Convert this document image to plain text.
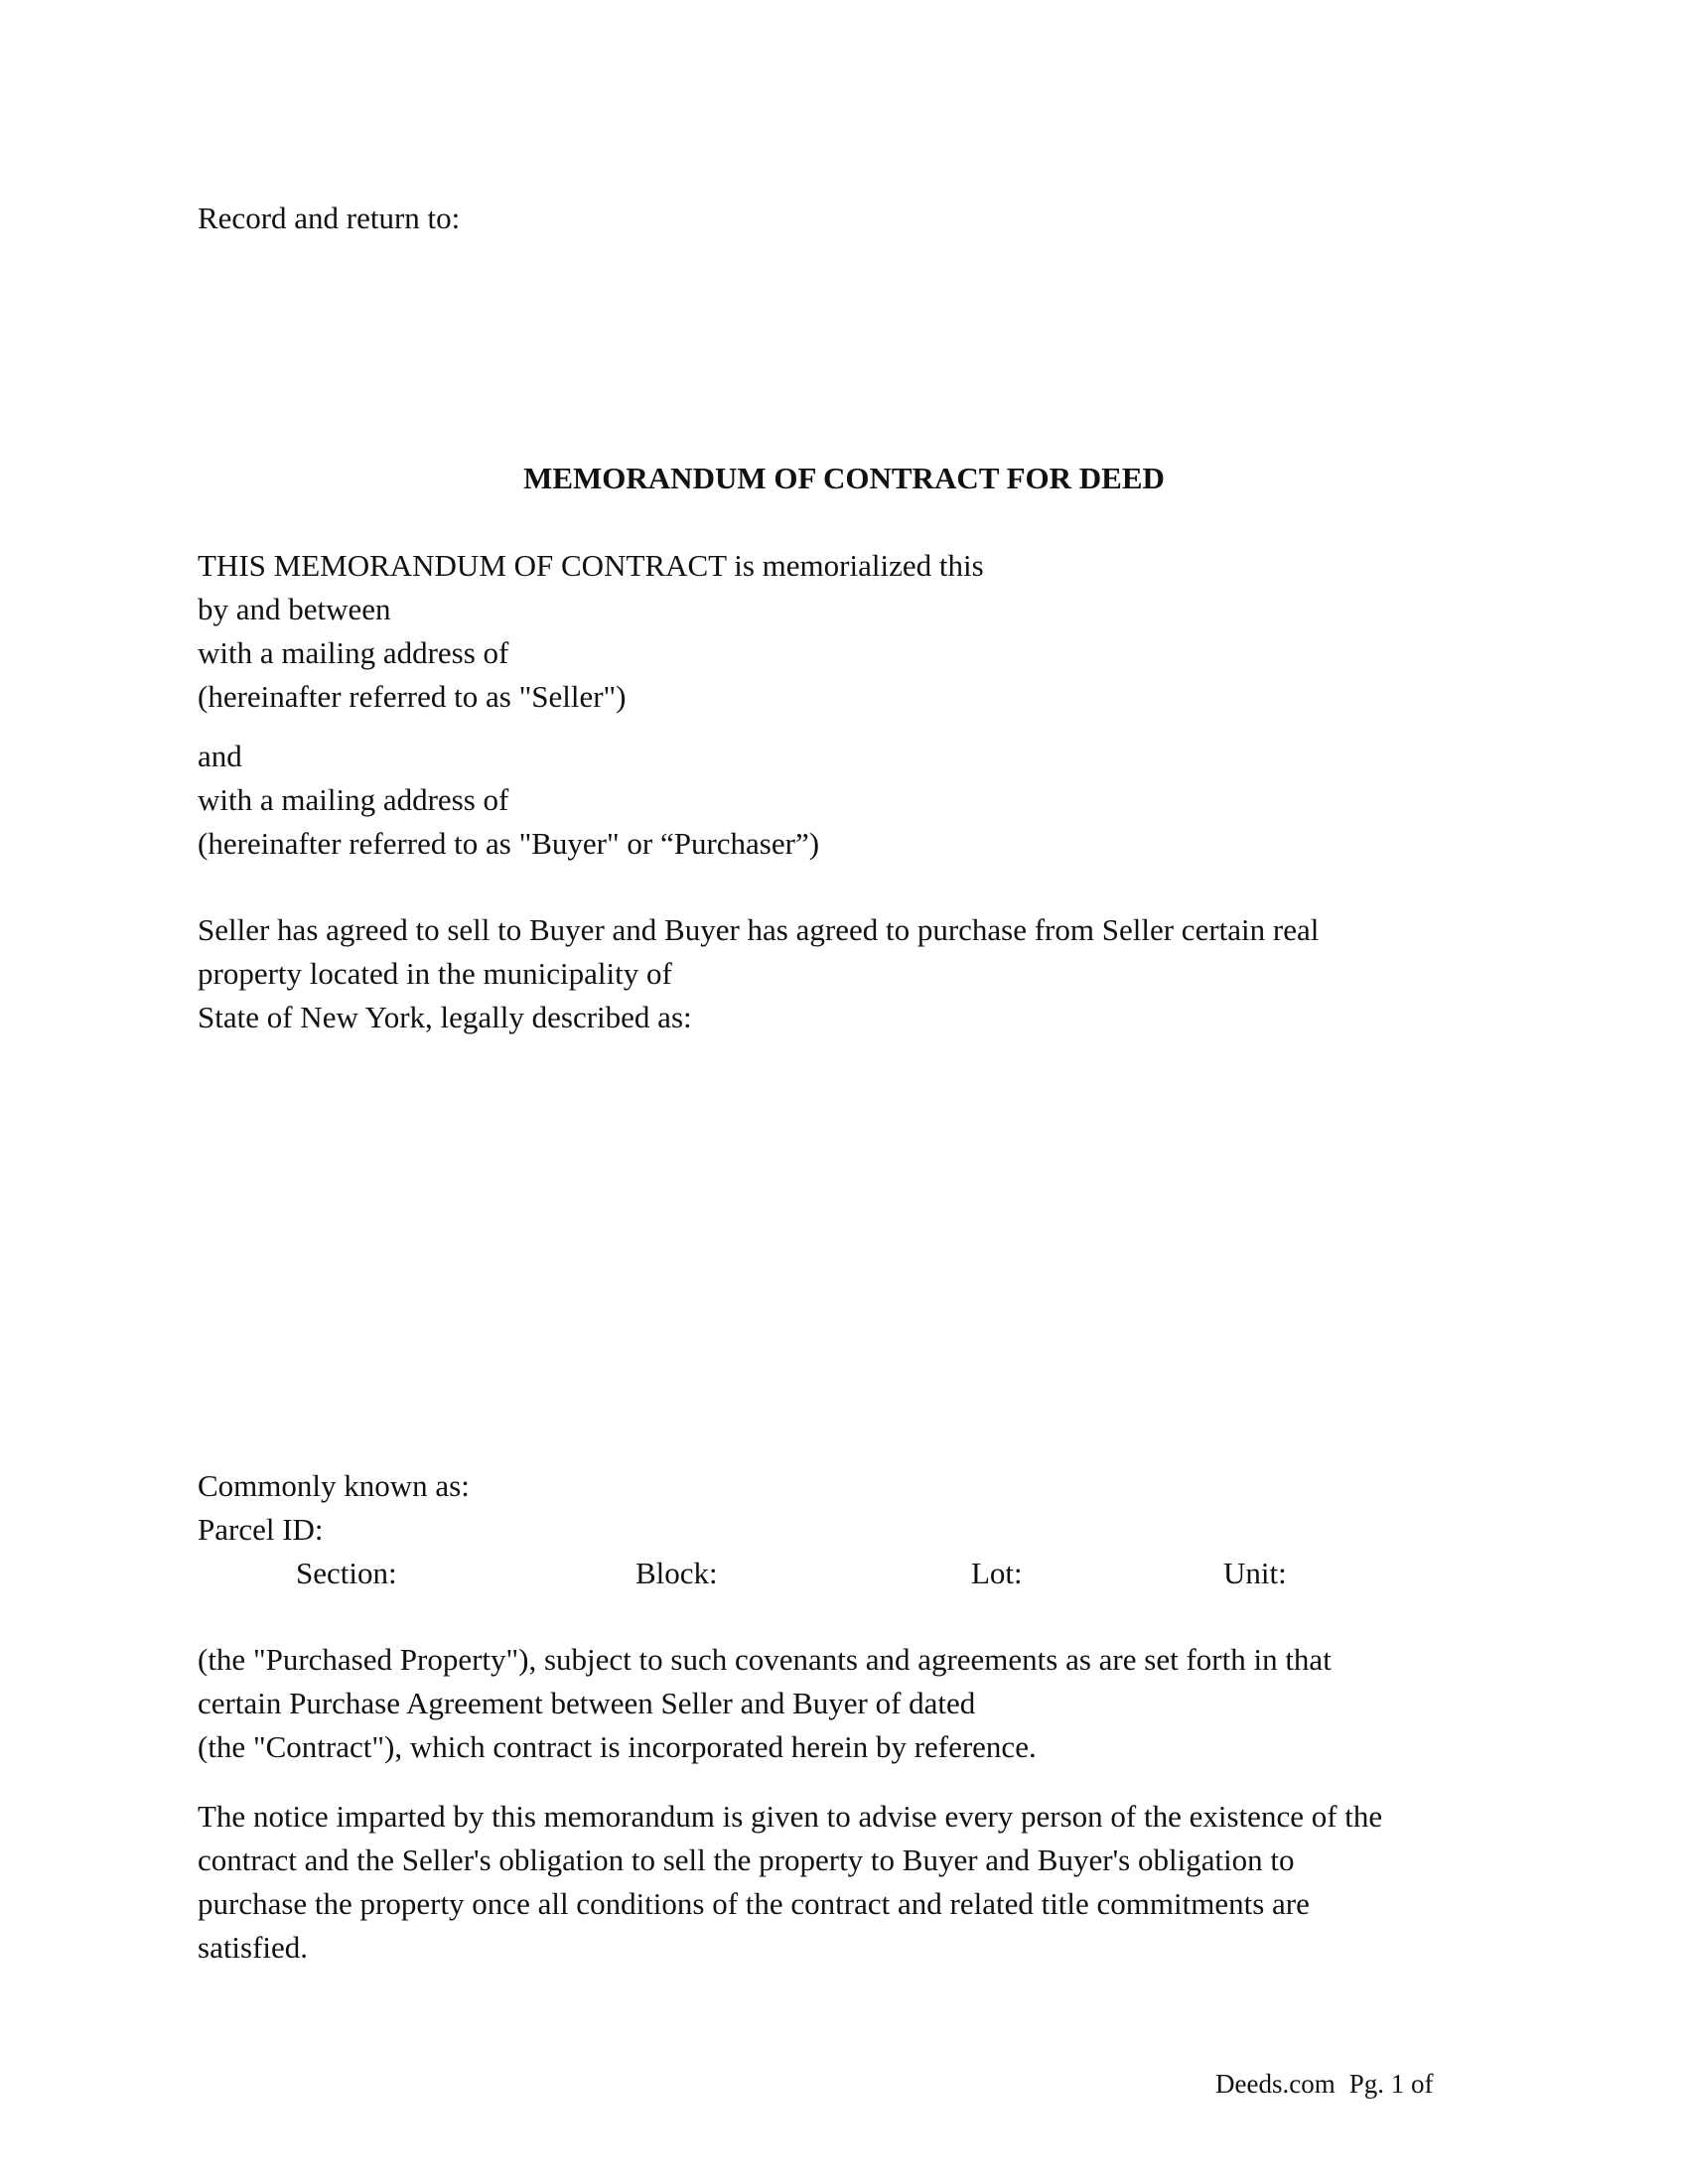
Record and return to:
MEMORANDUM OF CONTRACT FOR DEED
THIS MEMORANDUM OF CONTRACT is memorialized this
by and between
with a mailing address of
(hereinafter referred to as "Seller")
and
with a mailing address of
(hereinafter referred to as "Buyer" or “Purchaser”)
Seller has agreed to sell to Buyer and Buyer has agreed to purchase from Seller certain real
property located in the municipality of
State of New York, legally described as:
Commonly known as:
Parcel ID:
Section:	Block:	Lot:	Unit:
(the "Purchased Property"), subject to such covenants and agreements as are set forth in that
certain Purchase Agreement between Seller and Buyer of dated
(the "Contract"), which contract is incorporated herein by reference.
The notice imparted by this memorandum is given to advise every person of the existence of the
contract and the Seller's obligation to sell the property to Buyer and Buyer's obligation to
purchase the property once all conditions of the contract and related title commitments are
satisfied.
Deeds.com Pg. 1 of
